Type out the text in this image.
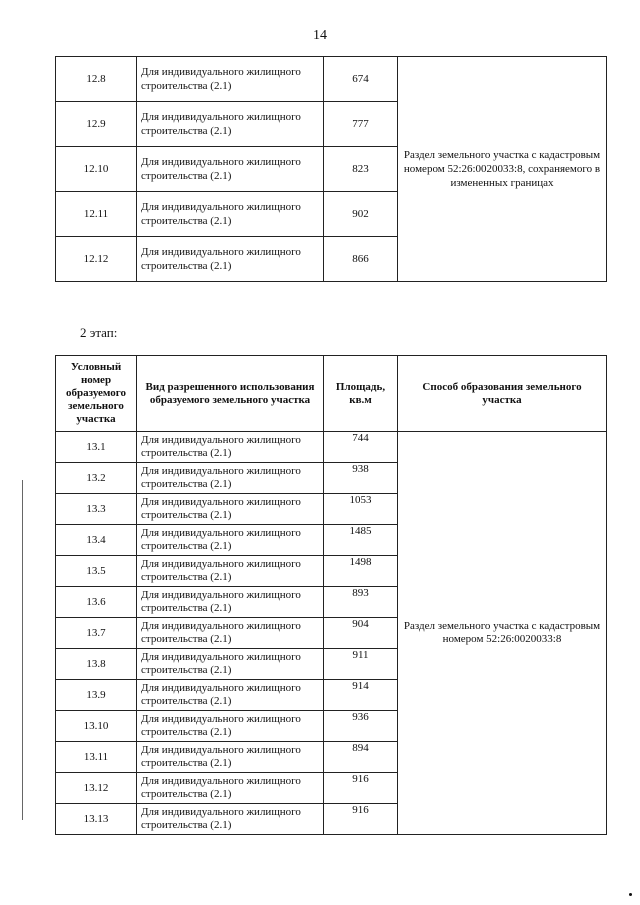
14
12.8	Для индивидуального жилищного строительства (2.1)	674	Раздел земельного участка с кадастровым номером 52:26:0020033:8, сохраняемого в измененных границах
12.9	Для индивидуального жилищного строительства (2.1)	777	
12.10	Для индивидуального жилищного строительства (2.1)	823	
12.11	Для индивидуального жилищного строительства (2.1)	902	
12.12	Для индивидуального жилищного строительства (2.1)	866	
2 этап:
Условный номер образуемого земельного участка	Вид разрешенного использования образуемого земельного участка	Площадь, кв.м	Способ образования земельного участка
13.1	Для индивидуального жилищного строительства (2.1)	744	Раздел земельного участка с кадастровым номером 52:26:0020033:8
13.2	Для индивидуального жилищного строительства (2.1)	938	
13.3	Для индивидуального жилищного строительства (2.1)	1053	
13.4	Для индивидуального жилищного строительства (2.1)	1485	
13.5	Для индивидуального жилищного строительства (2.1)	1498	
13.6	Для индивидуального жилищного строительства (2.1)	893	
13.7	Для индивидуального жилищного строительства (2.1)	904	
13.8	Для индивидуального жилищного строительства (2.1)	911	
13.9	Для индивидуального жилищного строительства (2.1)	914	
13.10	Для индивидуального жилищного строительства (2.1)	936	
13.11	Для индивидуального жилищного строительства (2.1)	894	
13.12	Для индивидуального жилищного строительства (2.1)	916	
13.13	Для индивидуального жилищного строительства (2.1)	916	
